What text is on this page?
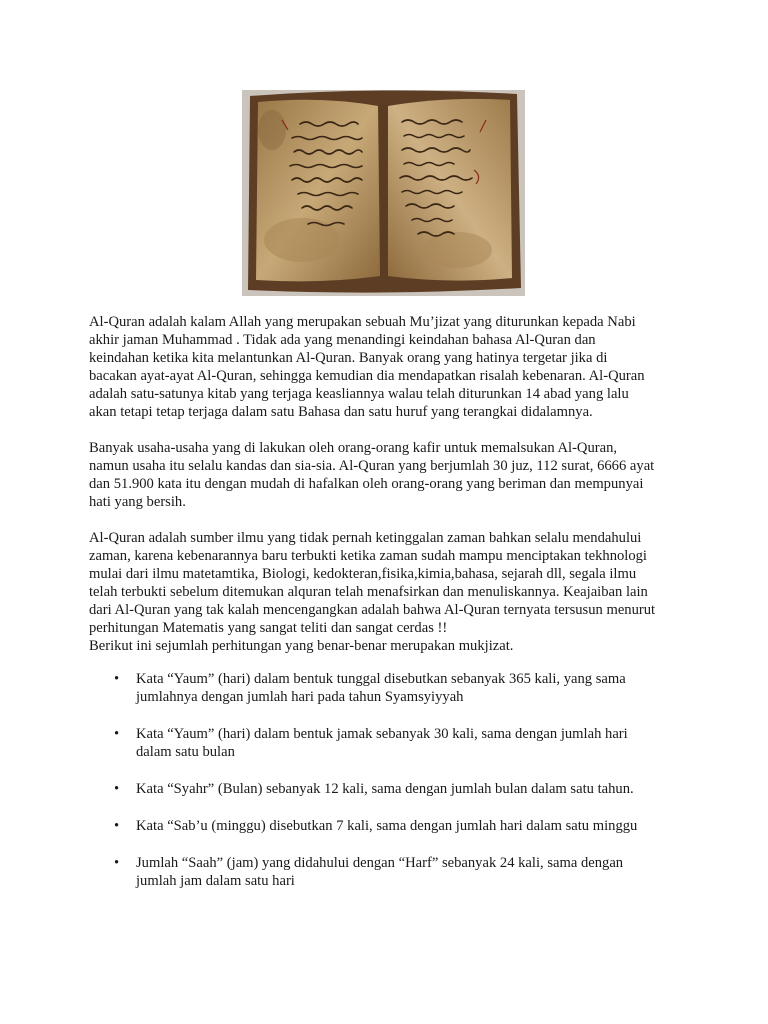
Al-Quran adalah kalam Allah yang merupakan sebuah Mu’jizat yang diturunkan kepada Nabi
akhir jaman Muhammad . Tidak ada yang menandingi keindahan bahasa Al-Quran dan
keindahan ketika kita melantunkan Al-Quran. Banyak orang yang hatinya tergetar jika di
bacakan ayat-ayat Al-Quran, sehingga kemudian dia mendapatkan risalah kebenaran. Al-Quran
adalah satu-satunya kitab yang terjaga keasliannya walau telah diturunkan 14 abad yang lalu
akan tetapi tetap terjaga dalam satu Bahasa dan satu huruf yang terangkai didalamnya.

Banyak usaha-usaha yang di lakukan oleh orang-orang kafir untuk memalsukan Al-Quran,
namun usaha itu selalu kandas dan sia-sia. Al-Quran yang berjumlah 30 juz, 112 surat, 6666 ayat
dan 51.900 kata itu dengan mudah di hafalkan oleh orang-orang yang beriman dan mempunyai
hati yang bersih.

Al-Quran adalah sumber ilmu yang tidak pernah ketinggalan zaman bahkan selalu mendahului
zaman, karena kebenarannya baru terbukti ketika zaman sudah mampu menciptakan tekhnologi
mulai dari ilmu matetamtika, Biologi, kedokteran,fisika,kimia,bahasa, sejarah dll, segala ilmu
telah terbukti sebelum ditemukan alquran telah menafsirkan dan menuliskannya. Keajaiban lain
dari Al-Quran yang tak kalah mencengangkan adalah bahwa Al-Quran ternyata tersusun menurut
perhitungan Matematis yang sangat teliti dan sangat cerdas !!
Berikut ini sejumlah perhitungan yang benar-benar merupakan mukjizat.

• Kata “Yaum” (hari) dalam bentuk tunggal disebutkan sebanyak 365 kali, yang sama
jumlahnya dengan jumlah hari pada tahun Syamsyiyyah
• Kata “Yaum” (hari) dalam bentuk jamak sebanyak 30 kali, sama dengan jumlah hari
dalam satu bulan
• Kata “Syahr” (Bulan) sebanyak 12 kali, sama dengan jumlah bulan dalam satu tahun.
• Kata “Sab’u (minggu) disebutkan 7 kali, sama dengan jumlah hari dalam satu minggu
• Jumlah “Saah” (jam) yang didahului dengan “Harf” sebanyak 24 kali, sama dengan
jumlah jam dalam satu hari
